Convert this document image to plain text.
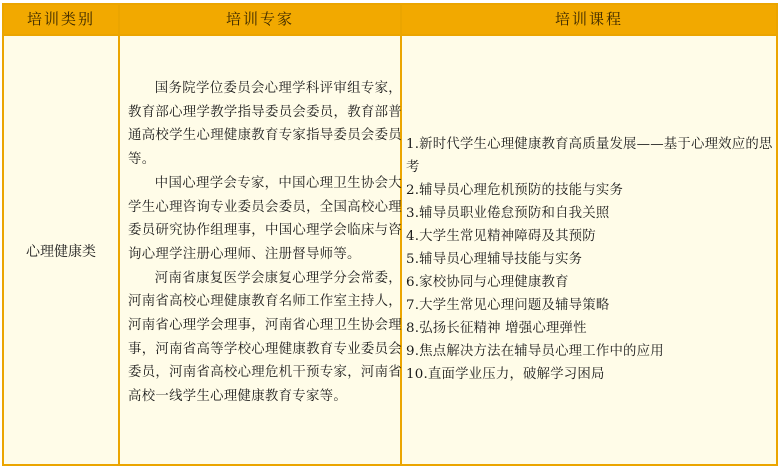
培训类别	培训专家	培训课程
心理健康类

国务院学位委员会心理学科评审组专家，教育部心理学教学指导委员会委员，教育部普通高校学生心理健康教育专家指导委员会委员等。

中国心理学会专家，中国心理卫生协会大学生心理咨询专业委员会委员，全国高校心理委员研究协作组理事，中国心理学会临床与咨询心理学注册心理师、注册督导师等。

河南省康复医学会康复心理学分会常委，河南省高校心理健康教育名师工作室主持人，河南省心理学会理事，河南省心理卫生协会理事，河南省高等学校心理健康教育专业委员会委员，河南省高校心理危机干预专家，河南省高校一线学生心理健康教育专家等。

1.新时代学生心理健康教育高质量发展——基于心理效应的思考
2.辅导员心理危机预防的技能与实务
3.辅导员职业倦怠预防和自我关照
4.大学生常见精神障碍及其预防
5.辅导员心理辅导技能与实务
6.家校协同与心理健康教育
7.大学生常见心理问题及辅导策略
8.弘扬长征精神 增强心理弹性
9.焦点解决方法在辅导员心理工作中的应用
10.直面学业压力，破解学习困局
